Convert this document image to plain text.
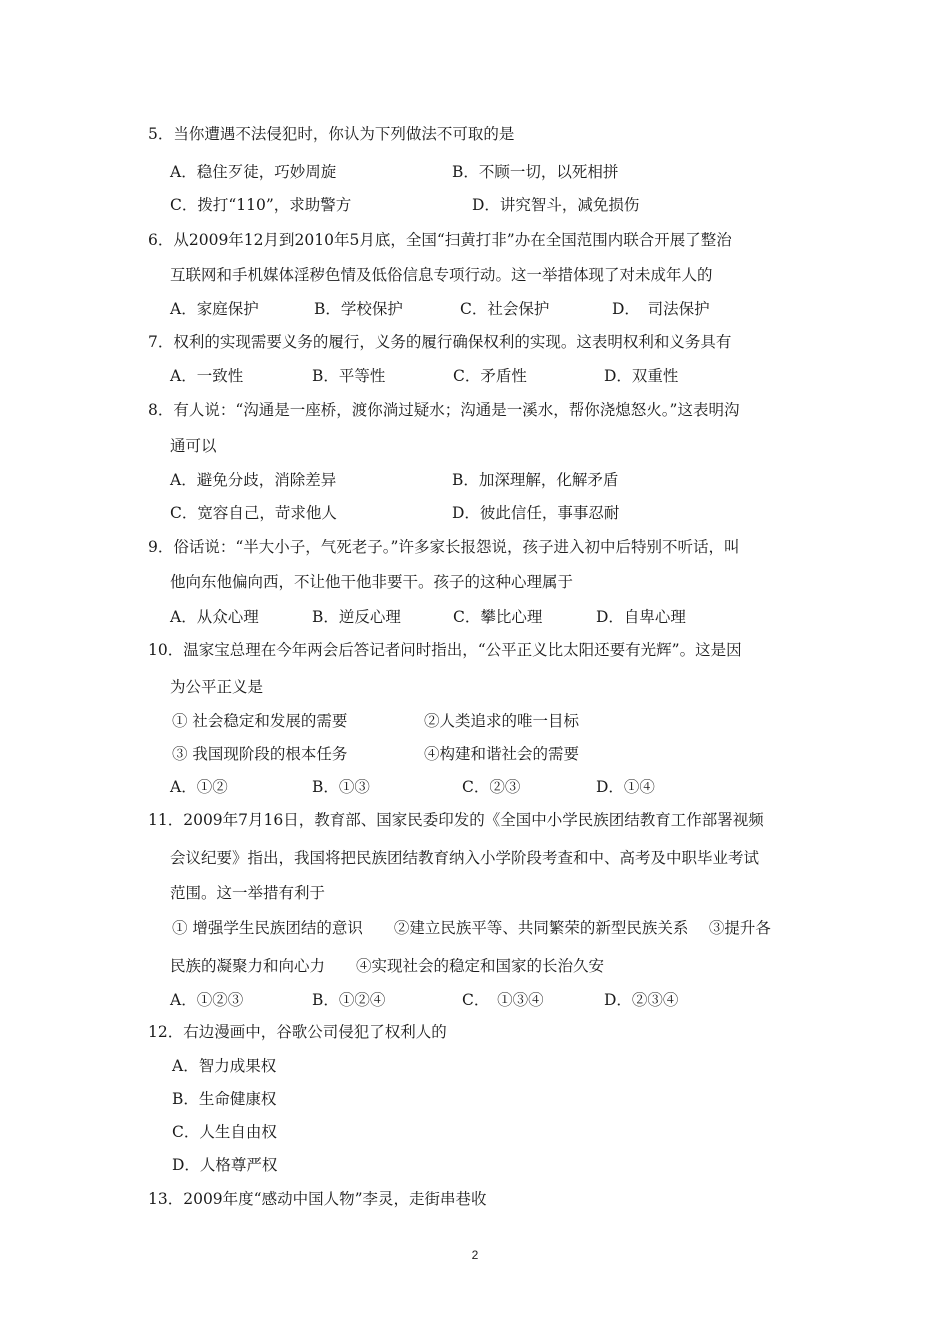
5．当你遭遇不法侵犯时，你认为下列做法不可取的是
A．稳住歹徒，巧妙周旋	B．不顾一切，以死相拼
C．拨打“110”，求助警方	D．讲究智斗，减免损伤
6．从2009年12月到2010年5月底，全国“扫黄打非”办在全国范围内联合开展了整治
互联网和手机媒体淫秽色情及低俗信息专项行动。这一举措体现了对未成年人的
A．家庭保护	B．学校保护	C．社会保护	D．　司法保护
7．权利的实现需要义务的履行，义务的履行确保权利的实现。这表明权利和义务具有
A．一致性	B．平等性	C．矛盾性	D．双重性
8．有人说：“沟通是一座桥，渡你淌过疑水；沟通是一溪水，帮你浇熄怒火。”这表明沟
通可以
A．避免分歧，消除差异	B．加深理解，化解矛盾
C．宽容自己，苛求他人	D．彼此信任，事事忍耐
9．俗话说：“半大小子，气死老子。”许多家长报怨说，孩子进入初中后特别不听话，叫
他向东他偏向西，不让他干他非要干。孩子的这种心理属于
A．从众心理	B．逆反心理	C．攀比心理	D．自卑心理
10．温家宝总理在今年两会后答记者问时指出，“公平正义比太阳还要有光辉”。这是因
为公平正义是
① 社会稳定和发展的需要	②人类追求的唯一目标
③ 我国现阶段的根本任务	④构建和谐社会的需要
A．①②	B．①③	C．②③	D．①④
11．2009年7月16日，教育部、国家民委印发的《全国中小学民族团结教育工作部署视频
会议纪要》指出，我国将把民族团结教育纳入小学阶段考查和中、高考及中职毕业考试
范围。这一举措有利于
① 增强学生民族团结的意识　　②建立民族平等、共同繁荣的新型民族关系　 ③提升各
民族的凝聚力和向心力　　④实现社会的稳定和国家的长治久安
A．①②③	B．①②④	C．　①③④	D．②③④
12．右边漫画中，谷歌公司侵犯了权利人的
A．智力成果权
B．生命健康权
C．人生自由权
D．人格尊严权
13．2009年度“感动中国人物”李灵，走街串巷收
2
